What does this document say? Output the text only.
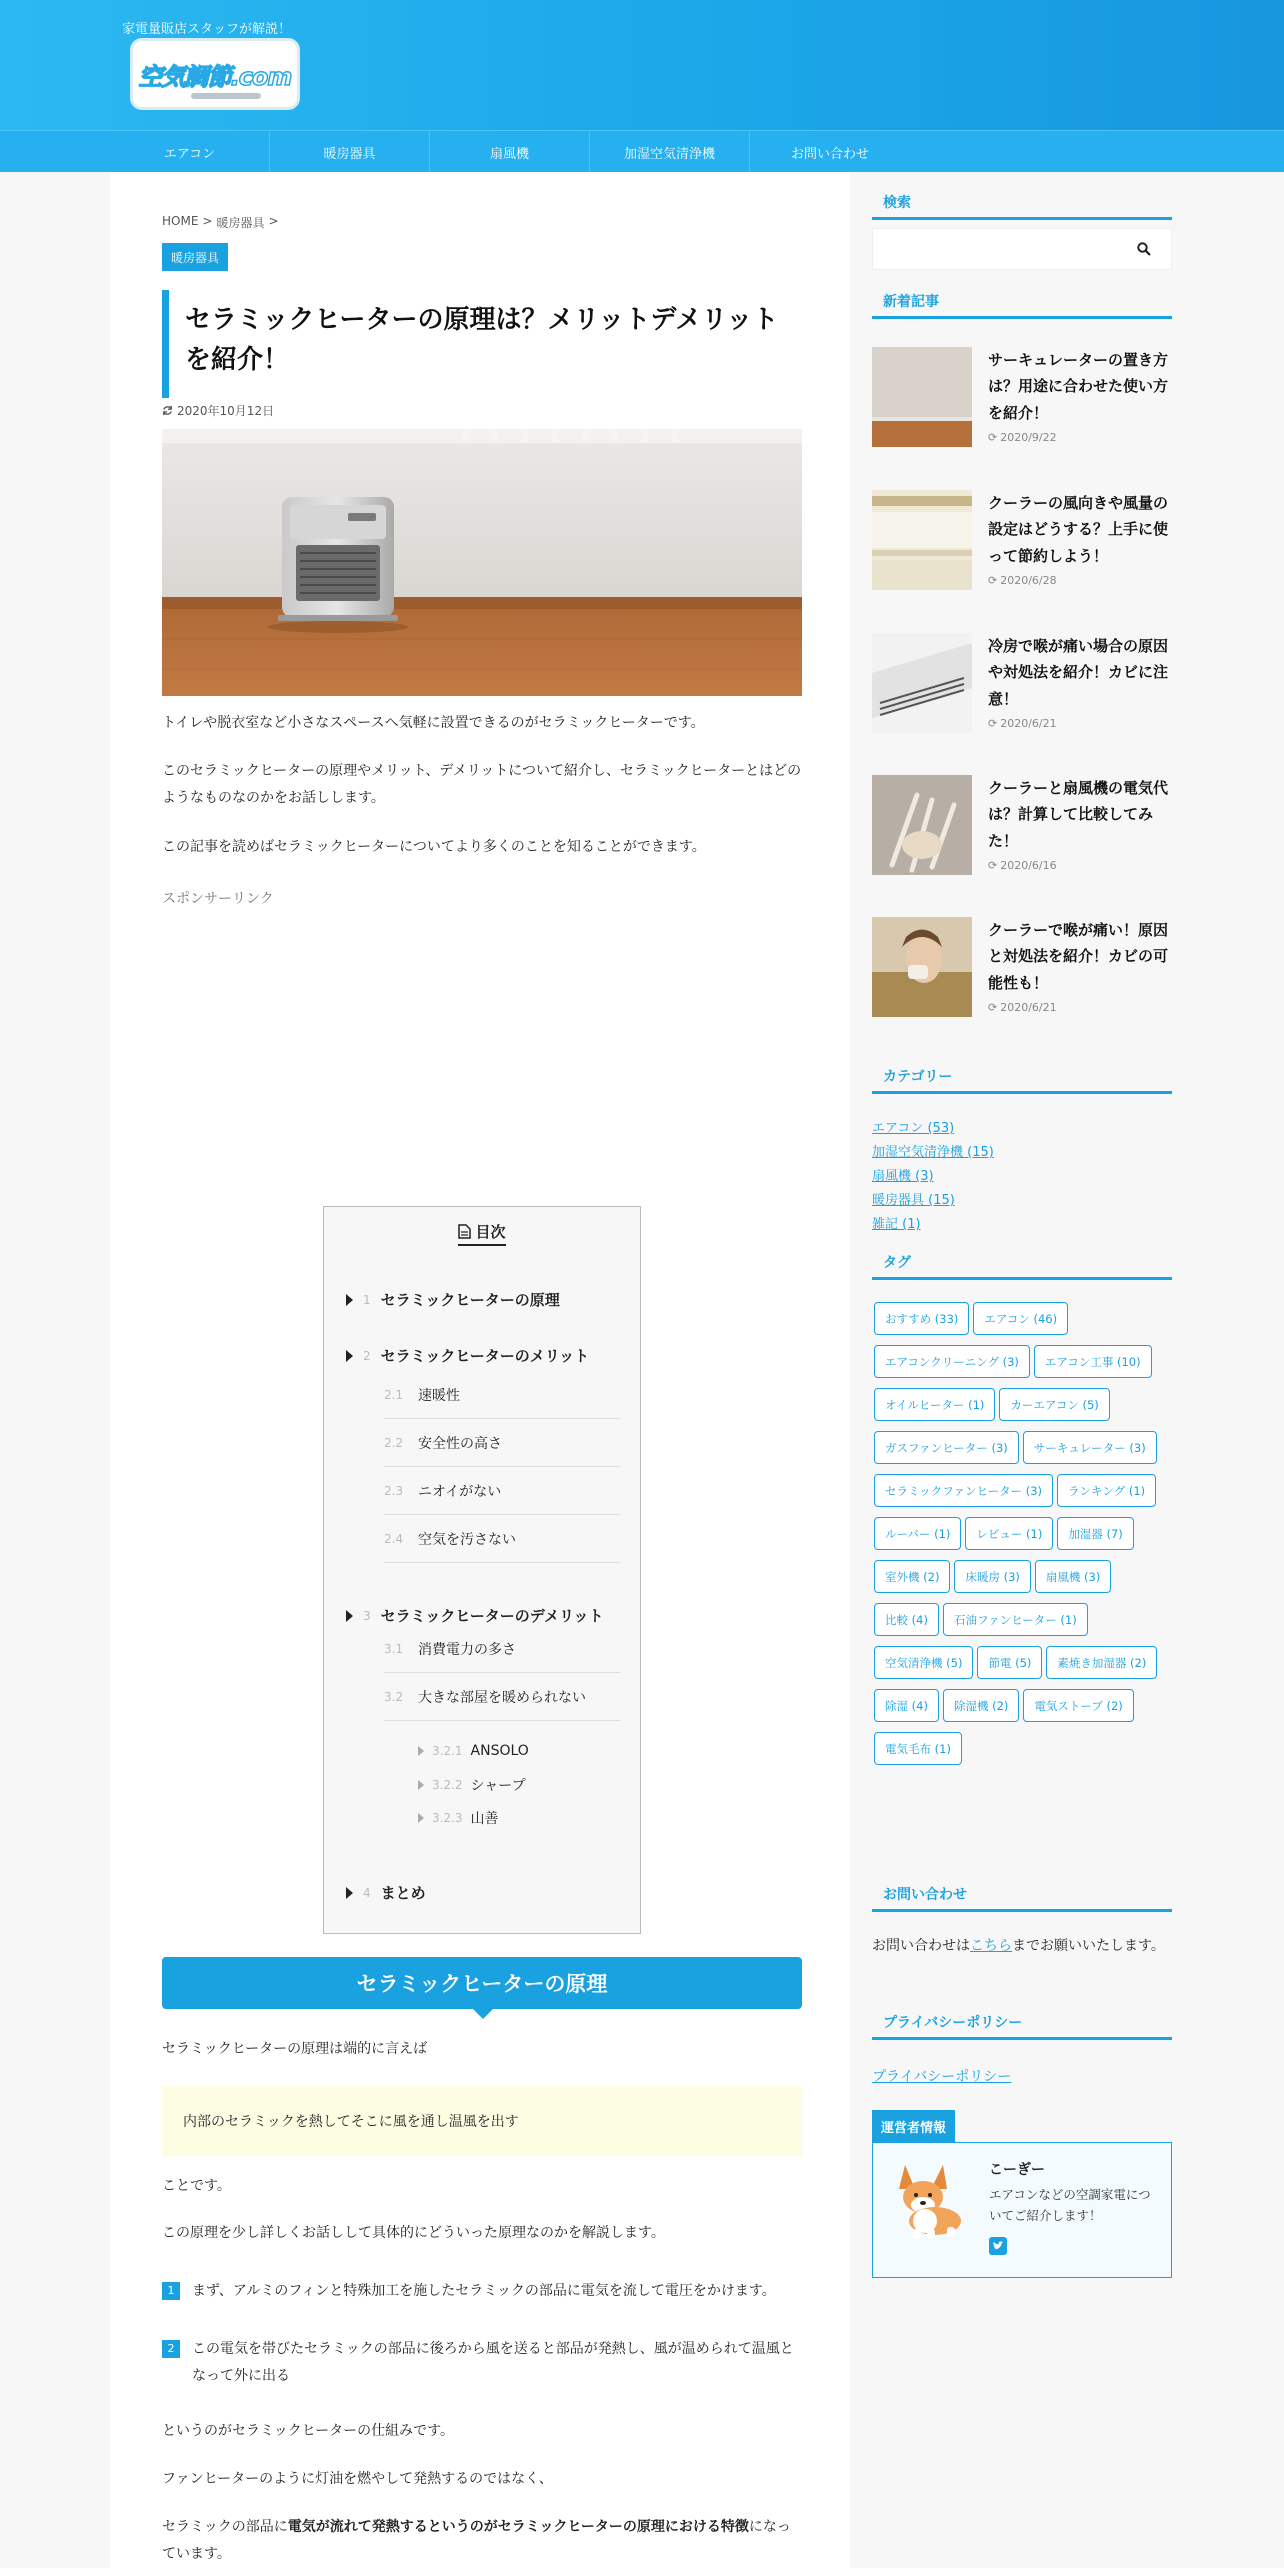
家電量販店スタッフが解説！
空気調節.com
エアコン	暖房器具	扇風機	加湿空気清浄機	お問い合わせ
HOME > 暖房器具 >
暖房器具
セラミックヒーターの原理は？メリットデメリットを紹介！
2020年10月12日

トイレや脱衣室など小さなスペースへ気軽に設置できるのがセラミックヒーターです。

このセラミックヒーターの原理やメリット、デメリットについて紹介し、セラミックヒーターとはどのようなものなのかをお話しします。

この記事を読めばセラミックヒーターについてより多くのことを知ることができます。

スポンサーリンク
目次
1 セラミックヒーターの原理
2 セラミックヒーターのメリット
2.1	速暖性
2.2	安全性の高さ
2.3	ニオイがない
2.4	空気を汚さない
3 セラミックヒーターのデメリット
3.1	消費電力の多さ
3.2	大きな部屋を暖められない
3.2.1 ANSOLO
3.2.2 シャープ
3.2.3 山善
4 まとめ
セラミックヒーターの原理

セラミックヒーターの原理は端的に言えば

内部のセラミックを熱してそこに風を通し温風を出す

ことです。

この原理を少し詳しくお話しして具体的にどういった原理なのかを解説します。

1	まず、アルミのフィンと特殊加工を施したセラミックの部品に電気を流して電圧をかけます。
2	この電気を帯びたセラミックの部品に後ろから風を送ると部品が発熱し、風が温められて温風となって外に出る

というのがセラミックヒーターの仕組みです。

ファンヒーターのように灯油を燃やして発熱するのではなく、

セラミックの部品に電気が流れて発熱するというのがセラミックヒーターの原理における特徴になっています。

検索
新着記事
サーキュレーターの置き方は？用途に合わせた使い方を紹介！
⟳ 2020/9/22
クーラーの風向きや風量の設定はどうする？上手に使って節約しよう！
⟳ 2020/6/28
冷房で喉が痛い場合の原因や対処法を紹介！カビに注意！
⟳ 2020/6/21
クーラーと扇風機の電気代は？計算して比較してみた！
⟳ 2020/6/16
クーラーで喉が痛い！原因と対処法を紹介！カビの可能性も！
⟳ 2020/6/21
カテゴリー
エアコン (53)
加湿空気清浄機 (15)
扇風機 (3)
暖房器具 (15)
雑記 (1)
タグ
おすすめ (33)	エアコン (46)
エアコンクリーニング (3)	エアコン工事 (10)
オイルヒーター (1)	カーエアコン (5)
ガスファンヒーター (3)	サーキュレーター (3)
セラミックファンヒーター (3)	ランキング (1)
ルーバー (1)	レビュー (1)	加湿器 (7)
室外機 (2)	床暖房 (3)	扇風機 (3)
比較 (4)	石油ファンヒーター (1)
空気清浄機 (5)	節電 (5)	素焼き加湿器 (2)
除湿 (4)	除湿機 (2)	電気ストーブ (2)
電気毛布 (1)
お問い合わせ

お問い合わせはこちらまでお願いいたします。

プライバシーポリシー
プライバシーポリシー
運営者情報
こーぎー
エアコンなどの空調家電についてご紹介します！
